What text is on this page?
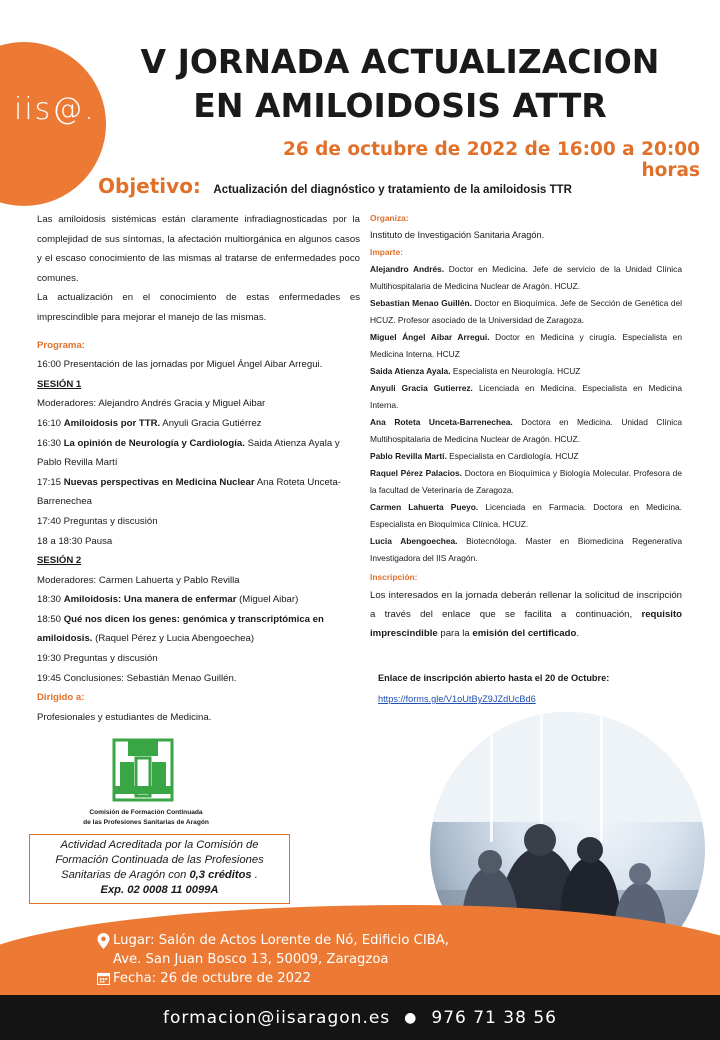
iis@.
V JORNADA ACTUALIZACION
EN AMILOIDOSIS ATTR
26 de octubre de 2022 de 16:00 a 20:00 horas
Objetivo: Actualización del diagnóstico y tratamiento de la amiloidosis TTR
Las amiloidosis sistémicas están claramente infradiagnosticadas por la complejidad de sus síntomas, la afectación multiorgánica en algunos casos y el escaso conocimiento de las mismas al tratarse de enfermedades poco comunes.
La actualización en el conocimiento de estas enfermedades es imprescindible para mejorar el manejo de las mismas.
Programa:
16:00 Presentación de las jornadas por Miguel Ángel Aibar Arregui.
SESIÓN 1
Moderadores: Alejandro Andrés Gracia y Miguel Aibar
16:10 Amiloidosis por TTR. Anyuli Gracia Gutiérrez
16:30 La opinión de Neurología y Cardiología. Saida Atienza Ayala y Pablo Revilla Martí
17:15 Nuevas perspectivas en Medicina Nuclear Ana Roteta Unceta-Barrenechea
17:40 Preguntas y discusión
18 a 18:30 Pausa
SESIÓN 2
Moderadores: Carmen Lahuerta y Pablo Revilla
18:30 Amiloidosis: Una manera de enfermar (Miguel Aibar)
18:50 Qué nos dicen los genes: genómica y transcriptómica en amiloidosis. (Raquel Pérez y Lucia Abengoechea)
19:30 Preguntas y discusión
19:45 Conclusiones: Sebastián Menao Guillén.
Dirigido a:
Profesionales y estudiantes de Medicina.
Organiza:
Instituto de Investigación Sanitaria Aragón.
Imparte:
Alejandro Andrés. Doctor en Medicina. Jefe de servicio de la Unidad Clínica Multihospitalaria de Medicina Nuclear de Aragón. HCUZ.
Sebastian Menao Guillén. Doctor en Bioquímica. Jefe de Sección de Genética del HCUZ. Profesor asociado de la Universidad de Zaragoza.
Miguel Ángel Aibar Arregui. Doctor en Medicina y cirugía. Especialista en Medicina Interna. HCUZ
Saida Atienza Ayala. Especialista en Neurología. HCUZ
Anyuli Gracia Gutierrez. Licenciada en Medicina. Especialista en Medicina Interna.
Ana Roteta Unceta-Barrenechea. Doctora en Medicina. Unidad Clínica Multihospitalaria de Medicina Nuclear de Aragón. HCUZ.
Pablo Revilla Martí. Especialista en Cardiología. HCUZ
Raquel Pérez Palacios. Doctora en Bioquímica y Biología Molecular. Profesora de la facultad de Veterinaria de Zaragoza.
Carmen Lahuerta Pueyo. Licenciada en Farmacia. Doctora en Medicina. Especialista en Bioquímica Clínica. HCUZ.
Lucia Abengoechea. Biotecnóloga. Master en Biomedicina Regenerativa Investigadora del IIS Aragón.
Inscripción:
Los interesados en la jornada deberán rellenar la solicitud de inscripción a través del enlace que se facilita a continuación, requisito imprescindible para la emisión del certificado.
Enlace de inscripción abierto hasta el 20 de Octubre:
https://forms.gle/V1oUtByZ9JZdUcBd6
Comisión de Formación Continuada
de las Profesiones Sanitarias de Aragón
Actividad Acreditada por la Comisión de
Formación Continuada de las Profesiones
Sanitarias de Aragón con 0,3 créditos .
Exp. 02 0008 11 0099A
Lugar: Salón de Actos Lorente de Nó, Edificio CIBA,
Ave. San Juan Bosco 13, 50009, Zaragzoa
Fecha: 26 de octubre de 2022
formacion@iisaragon.es ● 976 71 38 56
